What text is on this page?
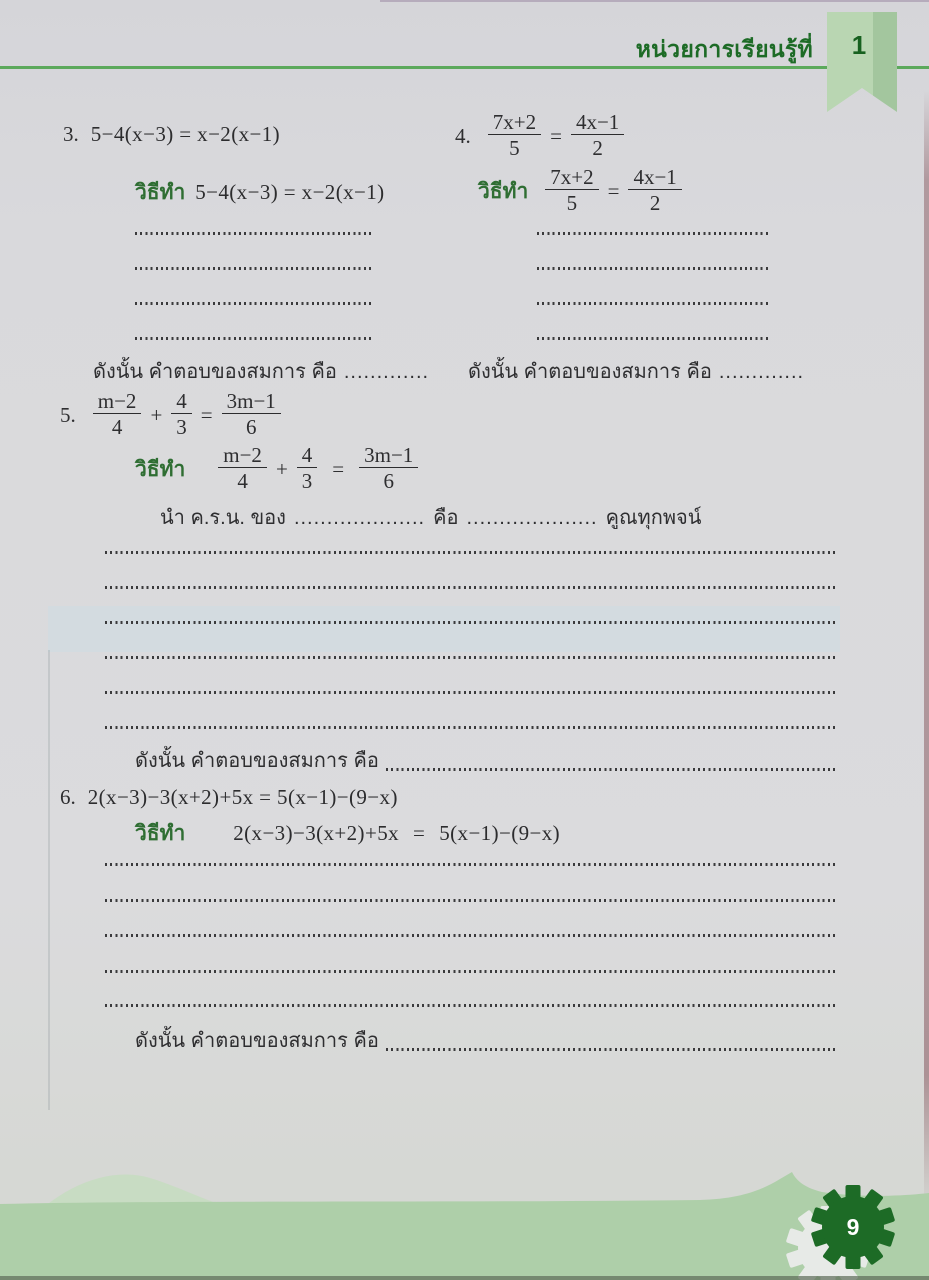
หน่วยการเรียนรู้ที่	1
3. 5−4(x−3) = x−2(x−1)
วิธีทำ 5−4(x−3) = x−2(x−1)
ดังนั้น คำตอบของสมการ คือ .............
4. $\frac{7x+2}{5} = \frac{4x-1}{2}$
วิธีทำ $\frac{7x+2}{5} = \frac{4x-1}{2}$
ดังนั้น คำตอบของสมการ คือ .............
5. $\frac{m-2}{4} + \frac{4}{3} = \frac{3m-1}{6}$
วิธีทำ $\frac{m-2}{4} + \frac{4}{3} = \frac{3m-1}{6}$
นำ ค.ร.น. ของ .................... คือ .................... คูณทุกพจน์
ดังนั้น คำตอบของสมการ คือ
6. 2(x−3)−3(x+2)+5x = 5(x−1)−(9−x)
วิธีทำ 2(x−3)−3(x+2)+5x = 5(x−1)−(9−x)
ดังนั้น คำตอบของสมการ คือ
9
